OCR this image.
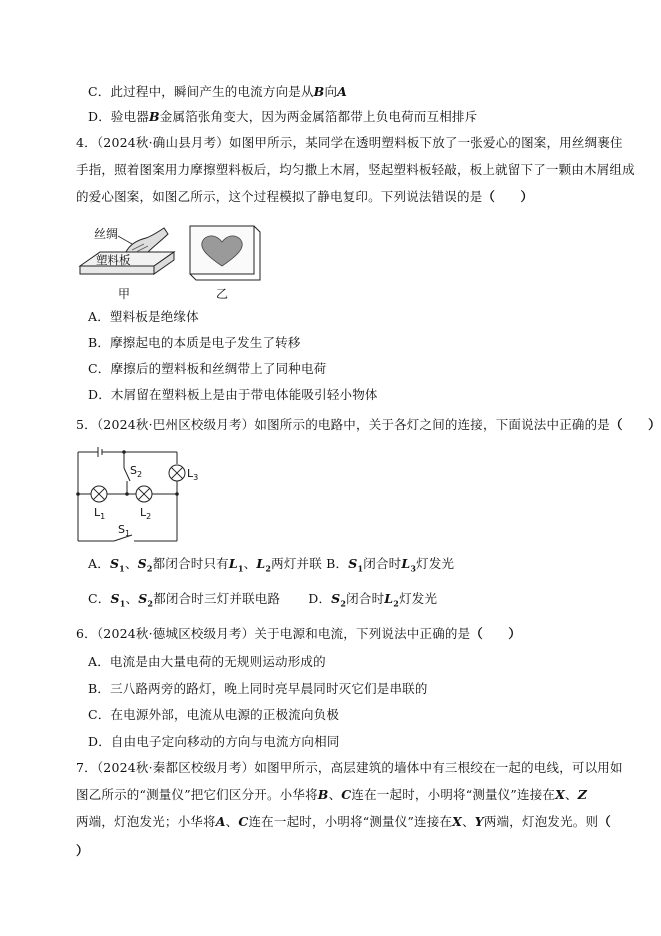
C．此过程中，瞬间产生的电流方向是从B向A
D．验电器B金属箔张角变大，因为两金属箔都带上负电荷而互相排斥
4．（2024秋·确山县月考）如图甲所示，某同学在透明塑料板下放了一张爱心的图案，用丝绸裹住
手指，照着图案用力摩擦塑料板后，均匀撒上木屑，竖起塑料板轻敲，板上就留下了一颗由木屑组成
的爱心图案，如图乙所示，这个过程模拟了静电复印。下列说法错误的是（　　）
丝绸
塑料板
甲	乙
A．塑料板是绝缘体
B．摩擦起电的本质是电子发生了转移
C．摩擦后的塑料板和丝绸带上了同种电荷
D．木屑留在塑料板上是由于带电体能吸引轻小物体
5．（2024秋·巴州区校级月考）如图所示的电路中，关于各灯之间的连接，下面说法中正确的是（　　）
$S_2$	$L_3$
$L_1$	$L_2$
$S_1$
A．$S_1$、$S_2$都闭合时只有$L_1$、$L_2$两灯并联 B．$S_1$闭合时$L_3$灯发光
C．$S_1$、$S_2$都闭合时三灯并联电路 D．$S_2$闭合时$L_2$灯发光
6．（2024秋·德城区校级月考）关于电源和电流，下列说法中正确的是（　　）
A．电流是由大量电荷的无规则运动形成的
B．三八路两旁的路灯，晚上同时亮早晨同时灭它们是串联的
C．在电源外部，电流从电源的正极流向负极
D．自由电子定向移动的方向与电流方向相同
7．（2024秋·秦都区校级月考）如图甲所示，高层建筑的墙体中有三根绞在一起的电线，可以用如
图乙所示的“测量仪”把它们区分开。小华将B、C连在一起时，小明将“测量仪”连接在X、Z
两端，灯泡发光；小华将A、C连在一起时，小明将“测量仪”连接在X、Y两端，灯泡发光。则（
）
